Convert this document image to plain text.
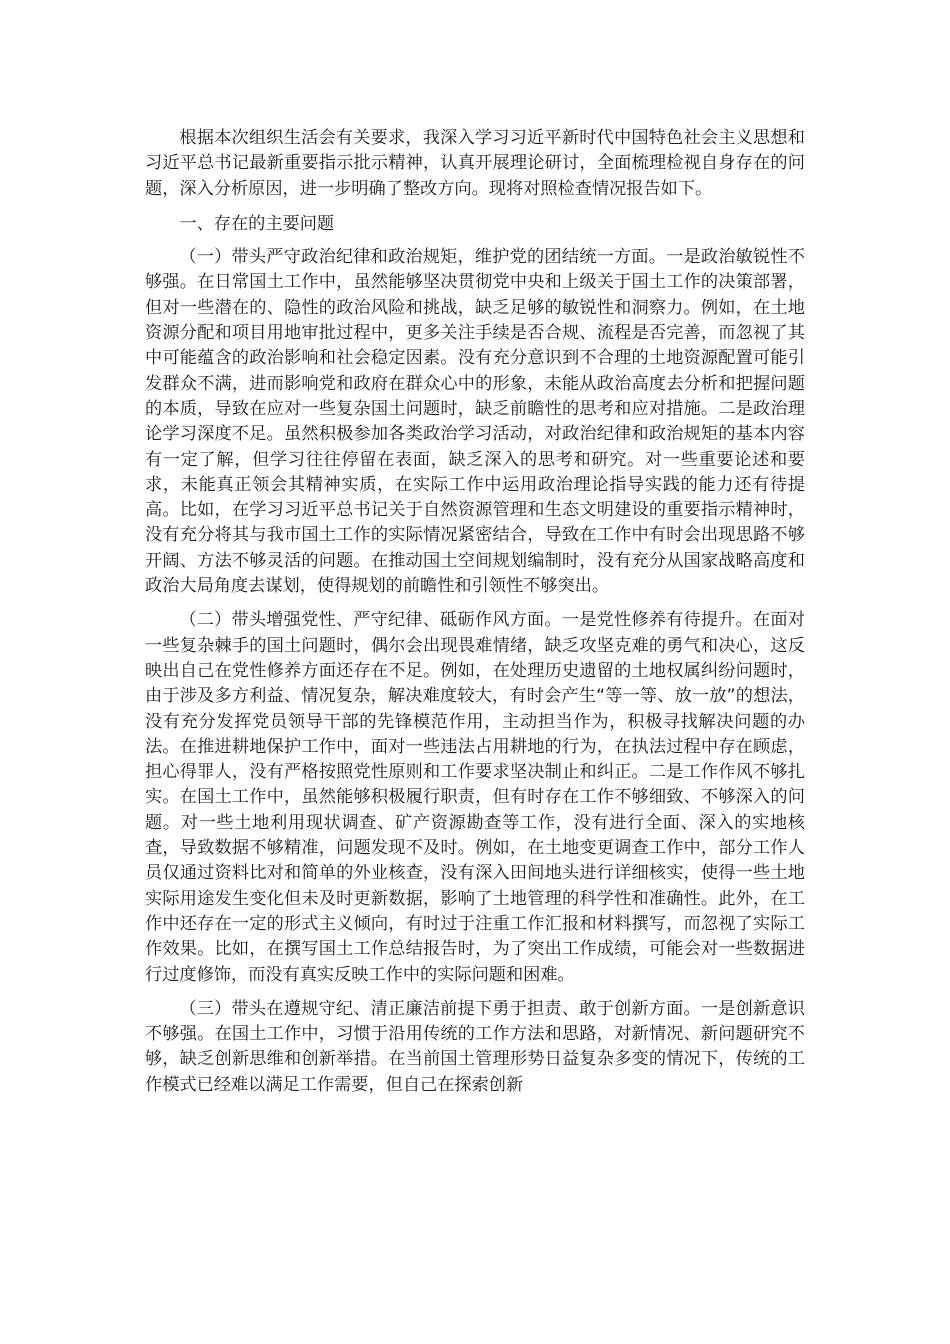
根据本次组织生活会有关要求，我深入学习习近平新时代中国特色社会主义思想和习近平总书记最新重要指示批示精神，认真开展理论研讨，全面梳理检视自身存在的问题，深入分析原因，进一步明确了整改方向。现将对照检查情况报告如下。

一、存在的主要问题

（一）带头严守政治纪律和政治规矩，维护党的团结统一方面。一是政治敏锐性不够强。在日常国土工作中，虽然能够坚决贯彻党中央和上级关于国土工作的决策部署，但对一些潜在的、隐性的政治风险和挑战，缺乏足够的敏锐性和洞察力。例如，在土地资源分配和项目用地审批过程中，更多关注手续是否合规、流程是否完善，而忽视了其中可能蕴含的政治影响和社会稳定因素。没有充分意识到不合理的土地资源配置可能引发群众不满，进而影响党和政府在群众心中的形象，未能从政治高度去分析和把握问题的本质，导致在应对一些复杂国土问题时，缺乏前瞻性的思考和应对措施。二是政治理论学习深度不足。虽然积极参加各类政治学习活动，对政治纪律和政治规矩的基本内容有一定了解，但学习往往停留在表面，缺乏深入的思考和研究。对一些重要论述和要求，未能真正领会其精神实质，在实际工作中运用政治理论指导实践的能力还有待提高。比如，在学习习近平总书记关于自然资源管理和生态文明建设的重要指示精神时，没有充分将其与我市国土工作的实际情况紧密结合，导致在工作中有时会出现思路不够开阔、方法不够灵活的问题。在推动国土空间规划编制时，没有充分从国家战略高度和政治大局角度去谋划，使得规划的前瞻性和引领性不够突出。

（二）带头增强党性、严守纪律、砥砺作风方面。一是党性修养有待提升。在面对一些复杂棘手的国土问题时，偶尔会出现畏难情绪，缺乏攻坚克难的勇气和决心，这反映出自己在党性修养方面还存在不足。例如，在处理历史遗留的土地权属纠纷问题时，由于涉及多方利益、情况复杂，解决难度较大，有时会产生“等一等、放一放”的想法，没有充分发挥党员领导干部的先锋模范作用，主动担当作为，积极寻找解决问题的办法。在推进耕地保护工作中，面对一些违法占用耕地的行为，在执法过程中存在顾虑，担心得罪人，没有严格按照党性原则和工作要求坚决制止和纠正。二是工作作风不够扎实。在国土工作中，虽然能够积极履行职责，但有时存在工作不够细致、不够深入的问题。对一些土地利用现状调查、矿产资源勘查等工作，没有进行全面、深入的实地核查，导致数据不够精准，问题发现不及时。例如，在土地变更调查工作中，部分工作人员仅通过资料比对和简单的外业核查，没有深入田间地头进行详细核实，使得一些土地实际用途发生变化但未及时更新数据，影响了土地管理的科学性和准确性。此外，在工作中还存在一定的形式主义倾向，有时过于注重工作汇报和材料撰写，而忽视了实际工作效果。比如，在撰写国土工作总结报告时，为了突出工作成绩，可能会对一些数据进行过度修饰，而没有真实反映工作中的实际问题和困难。

（三）带头在遵规守纪、清正廉洁前提下勇于担责、敢于创新方面。一是创新意识不够强。在国土工作中，习惯于沿用传统的工作方法和思路，对新情况、新问题研究不够，缺乏创新思维和创新举措。在当前国土管理形势日益复杂多变的情况下，传统的工作模式已经难以满足工作需要，但自己在探索创新
